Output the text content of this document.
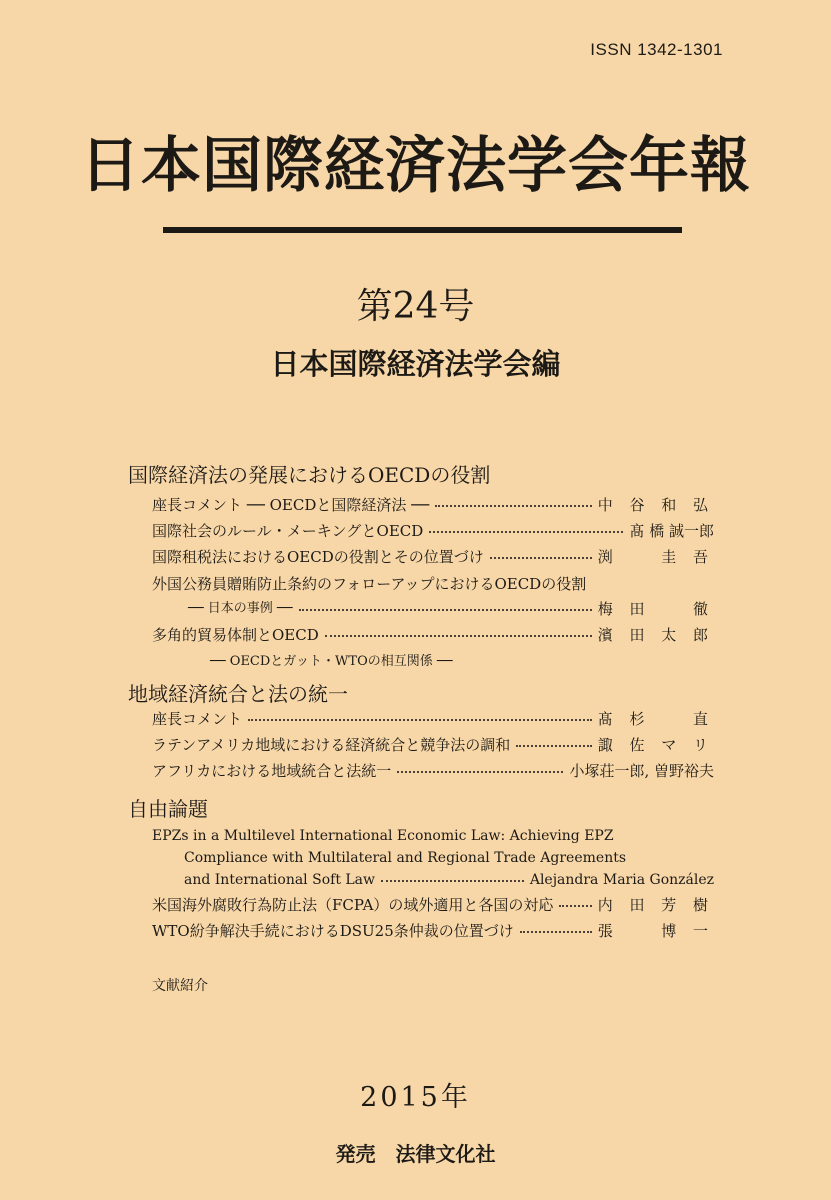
ISSN 1342-1301
日本国際経済法学会年報
第24号
日本国際経済法学会編
国際経済法の発展におけるOECDの役割
座長コメント ── OECDと国際経済法 ──	中 谷 和 弘
国際社会のルール・メーキングとOECD	髙 橋 誠一郎
国際租税法におけるOECDの役割とその位置づけ	渕 　 圭 吾
外国公務員贈賄防止条約のフォローアップにおけるOECDの役割
── 日本の事例 ──	梅 田 　 徹
多角的貿易体制とOECD	濱 田 太 郎
── OECDとガット・WTOの相互関係 ──
地域経済統合と法の統一
座長コメント	髙 杉 　 直
ラテンアメリカ地域における経済統合と競争法の調和	諏 佐 マ リ
アフリカにおける地域統合と法統一	小塚荘一郎, 曽野裕夫
自由論題
EPZs in a Multilevel International Economic Law: Achieving EPZ
Compliance with Multilateral and Regional Trade Agreements
and International Soft Law	Alejandra Maria González
米国海外腐敗行為防止法（FCPA）の域外適用と各国の対応	内 田 芳 樹
WTO紛争解決手続におけるDSU25条仲裁の位置づけ	張 　 博 一
文献紹介
2015年
発売　法律文化社
